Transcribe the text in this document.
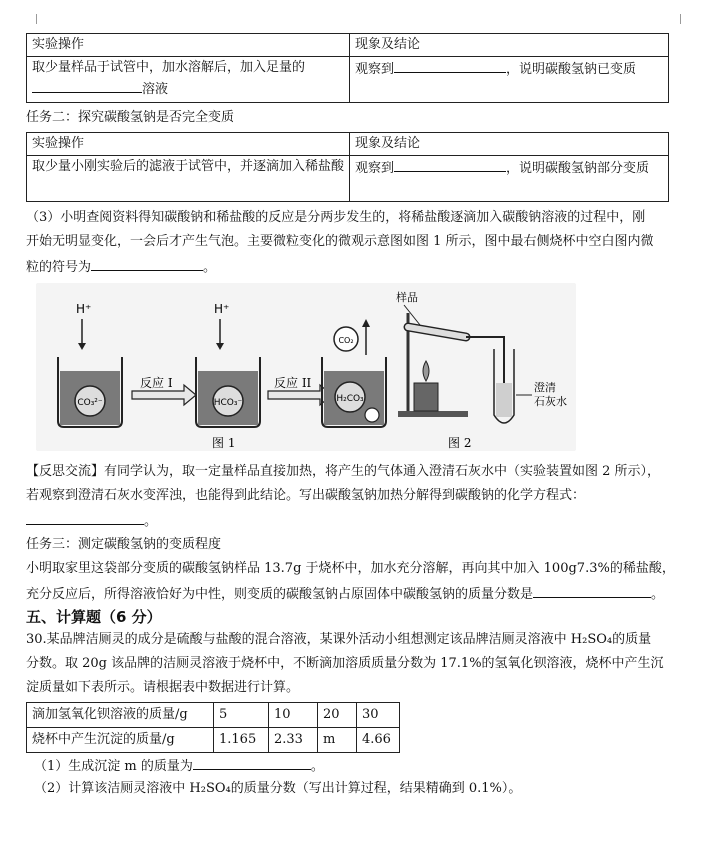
实验操作	现象及结论
取少量样品于试管中，加水溶解后，加入足量的
溶液	观察到 ，说明碳酸氢钠已变质
任务二：探究碳酸氢钠是否完全变质
实验操作	现象及结论
取少量小刚实验后的滤液于试管中，并逐滴加入稀盐酸	观察到 ，说明碳酸氢钠部分变质
（3）小明查阅资料得知碳酸钠和稀盐酸的反应是分两步发生的，将稀盐酸逐滴加入碳酸钠溶液的过程中，刚
开始无明显变化，一会后才产生气泡。主要微粒变化的微观示意图如图 1 所示，图中最右侧烧杯中空白图内微
粒的符号为	。
H⁺	H⁺
CO₃²⁻
反应 I
HCO₃⁻
反应 II
CO₂
H₂CO₃
图 1
样品
澄清
石灰水
图 2
【反思交流】有同学认为，取一定量样品直接加热，将产生的气体通入澄清石灰水中（实验装置如图 2 所示），
若观察到澄清石灰水变浑浊，也能得到此结论。写出碳酸氢钠加热分解得到碳酸钠的化学方程式：
。
任务三：测定碳酸氢钠的变质程度
小明取家里这袋部分变质的碳酸氢钠样品 13.7g 于烧杯中，加水充分溶解，再向其中加入 100g7.3%的稀盐酸，
充分反应后，所得溶液恰好为中性，则变质的碳酸氢钠占原固体中碳酸氢钠的质量分数是	。
五、计算题（6 分）
30.某品牌洁厕灵的成分是硫酸与盐酸的混合溶液，某课外活动小组想测定该品牌洁厕灵溶液中 H₂SO₄的质量
分数。取 20g 该品牌的洁厕灵溶液于烧杯中，不断滴加溶质质量分数为 17.1%的氢氧化钡溶液，烧杯中产生沉
淀质量如下表所示。请根据表中数据进行计算。
滴加氢氧化钡溶液的质量/g	5	10	20	30
烧杯中产生沉淀的质量/g	1.165	2.33	m	4.66
（1）生成沉淀 m 的质量为	。
（2）计算该洁厕灵溶液中 H₂SO₄的质量分数（写出计算过程，结果精确到 0.1%）。
